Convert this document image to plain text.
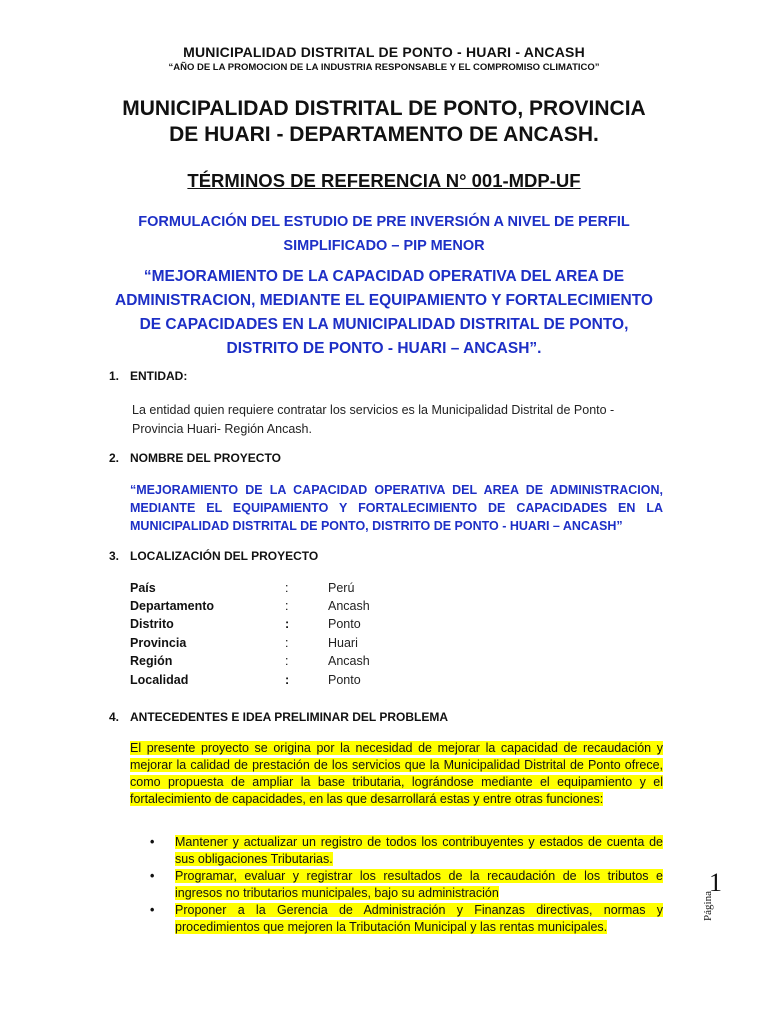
MUNICIPALIDAD DISTRITAL DE PONTO - HUARI - ANCASH
“AÑO DE LA PROMOCION DE LA INDUSTRIA RESPONSABLE Y EL COMPROMISO CLIMATICO”
MUNICIPALIDAD DISTRITAL DE PONTO, PROVINCIA DE HUARI - DEPARTAMENTO DE ANCASH.
TÉRMINOS DE REFERENCIA N° 001-MDP-UF
FORMULACIÓN DEL ESTUDIO DE PRE INVERSIÓN A NIVEL DE PERFIL SIMPLIFICADO – PIP MENOR
“MEJORAMIENTO DE LA CAPACIDAD OPERATIVA DEL AREA DE ADMINISTRACION, MEDIANTE EL EQUIPAMIENTO Y FORTALECIMIENTO DE CAPACIDADES EN LA MUNICIPALIDAD DISTRITAL DE PONTO, DISTRITO DE PONTO - HUARI – ANCASH”.
1. ENTIDAD:
La entidad quien requiere contratar los servicios es la Municipalidad Distrital de Ponto - Provincia Huari- Región Ancash.
2. NOMBRE DEL PROYECTO
“MEJORAMIENTO DE LA CAPACIDAD OPERATIVA DEL AREA DE ADMINISTRACION, MEDIANTE EL EQUIPAMIENTO Y FORTALECIMIENTO DE CAPACIDADES EN LA MUNICIPALIDAD DISTRITAL DE PONTO, DISTRITO DE PONTO - HUARI – ANCASH”
3. LOCALIZACIÓN DEL PROYECTO
País	:	Perú
Departamento	:	Ancash
Distrito	:	Ponto
Provincia	:	Huari
Región	:	Ancash
Localidad	:	Ponto
4. ANTECEDENTES E IDEA PRELIMINAR DEL PROBLEMA
El presente proyecto se origina por la necesidad de mejorar la capacidad de recaudación y mejorar la calidad de prestación de los servicios que la Municipalidad Distrital de Ponto ofrece, como propuesta de ampliar la base tributaria, lográndose mediante el equipamiento y el fortalecimiento de capacidades, en las que desarrollará estas y entre otras funciones:
• Mantener y actualizar un registro de todos los contribuyentes y estados de cuenta de sus obligaciones Tributarias.
• Programar, evaluar y registrar los resultados de la recaudación de los tributos e ingresos no tributarios municipales, bajo su administración
• Proponer a la Gerencia de Administración y Finanzas directivas, normas y procedimientos que mejoren la Tributación Municipal y las rentas municipales.
1
Página
